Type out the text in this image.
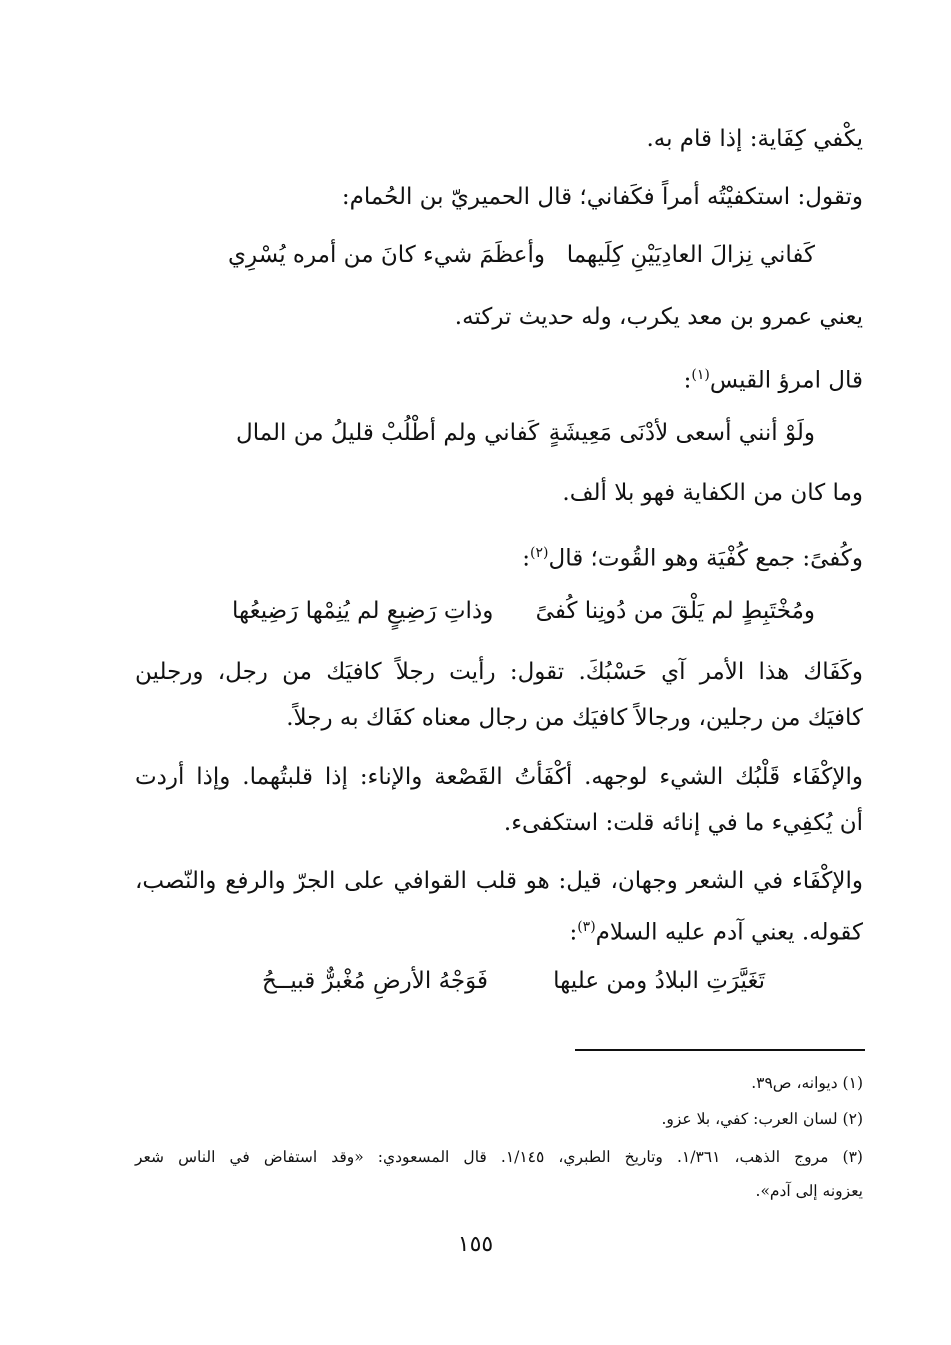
يكْفي كِفَاية: إذا قام به.
وتقول: استكفيْتُه أمراً فكَفاني؛ قال الحميريّ بن الحُمام:
كَفاني نِزالَ العادِيَيْنِ كِلَيهما
وأعظَمَ شيء كانَ من أمره يُسْرِي
يعني عمرو بن معد يكرب، وله حديث تركته.
قال امرؤ القيس$^{(١)}$:
ولَوْ أنني أسعى لأدْنَى مَعِيشَةٍ
كَفاني ولم أطْلُبْ قليلُ من المال
وما كان من الكفاية فهو بلا ألف.
وكُفىً: جمع كُفْيَة وهو القُوت؛ قال$^{(٢)}$:
ومُخْتَبِطٍ لم يَلْقَ من دُونِنا كُفىً
وذاتِ رَضِيعٍ لم يُنِمْها رَضِيعُها
وكَفَاك هذا الأمر آي حَسْبُكَ. تقول: رأيت رجلاً كافيَك من رجل، ورجلين
كافيَك من رجلين، ورجالاً كافيَك من رجال معناه كفَاك به رجلاً.
والإكْفَاء قَلْبُك الشيء لوجهه. أكْفَأتُ القَصْعة والإناء: إذا قلبتُهما. وإذا أردت
أن يُكفِيء ما في إنائه قلت: استكفىء.
والإكْفَاء في الشعر وجهان، قيل: هو قلب القوافي على الجرّ والرفع والنّصب،
كقوله. يعني آدم عليه السلام$^{(٣)}$:
تَغَيَّرَتِ البلادُ ومن عليها
فَوَجْهُ الأرضِ مُغْبرٌّ قبيــحُ
(١) ديوانه، ص٣٩.
(٢) لسان العرب: كفي، بلا عزو.
(٣) مروج الذهب، ١/٣٦١. وتاريخ الطبري، ١/١٤٥. قال المسعودي: «وقد استفاض في الناس شعر
يعزونه إلى آدم».
١٥٥
